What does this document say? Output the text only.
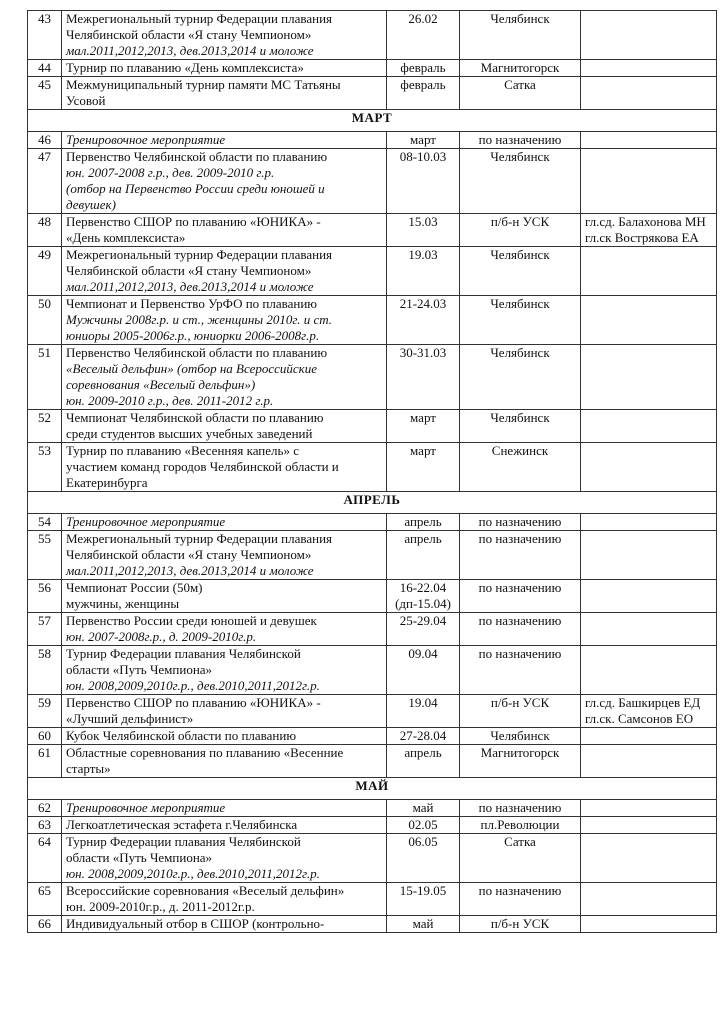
43	Межрегиональный турнир Федерации плавания
Челябинской области «Я стану Чемпионом»
мал.2011,2012,2013, дев.2013,2014 и моложе	26.02	Челябинск	
44	Турнир по плаванию «День комплексиста»	февраль	Магнитогорск	
45	Межмуниципальный турнир памяти МС Татьяны
Усовой	февраль	Сатка	
МАРТ				
46	Тренировочное мероприятие	март	по назначению	
47	Первенство Челябинской области по плаванию
юн. 2007-2008 г.р., дев. 2009-2010 г.р.
(отбор на Первенство России среди юношей и
девушек)	08-10.03	Челябинск	
48	Первенство СШОР по плаванию «ЮНИКА» -
«День комплексиста»	15.03	п/б-н УСК	гл.сд. Балахонова МН
гл.ск Вострякова ЕА

49	Межрегиональный турнир Федерации плавания
Челябинской области «Я стану Чемпионом»
мал.2011,2012,2013, дев.2013,2014 и моложе	19.03	Челябинск	
50	Чемпионат и Первенство УрФО по плаванию
Мужчины 2008г.р. и ст., женщины 2010г. и ст.
юниоры 2005-2006г.р., юниорки 2006-2008г.р.	21-24.03	Челябинск	
51	Первенство Челябинской области по плаванию
«Веселый дельфин» (отбор на Всероссийские
соревнования «Веселый дельфин»)
юн. 2009-2010 г.р., дев. 2011-2012 г.р.	30-31.03	Челябинск	
52	Чемпионат Челябинской области по плаванию
среди студентов высших учебных заведений	март	Челябинск	
53	Турнир по плаванию «Весенняя капель» с
участием команд городов Челябинской области и
Екатеринбурга	март	Снежинск	
АПРЕЛЬ				
54	Тренировочное мероприятие	апрель	по назначению	
55	Межрегиональный турнир Федерации плавания
Челябинской области «Я стану Чемпионом»
мал.2011,2012,2013, дев.2013,2014 и моложе	апрель	по назначению	
56	Чемпионат России (50м)
мужчины, женщины	16-22.04
(дп-15.04)	по назначению	
57	Первенство России среди юношей и девушек
юн. 2007-2008г.р., д. 2009-2010г.р.	25-29.04	по назначению	
58	Турнир Федерации плавания Челябинской
области «Путь Чемпиона»
юн. 2008,2009,2010г.р., дев.2010,2011,2012г.р.	09.04	по назначению	
59	Первенство СШОР по плаванию «ЮНИКА» -
«Лучший дельфинист»	19.04	п/б-н УСК	гл.сд. Башкирцев ЕД
гл.ск. Самсонов ЕО

60	Кубок Челябинской области по плаванию	27-28.04	Челябинск	
61	Областные соревнования по плаванию «Весенние
старты»	апрель	Магнитогорск	
МАЙ				
62	Тренировочное мероприятие	май	по назначению	
63	Легкоатлетическая эстафета г.Челябинска	02.05	пл.Революции	
64	Турнир Федерации плавания Челябинской
области «Путь Чемпиона»
юн. 2008,2009,2010г.р., дев.2010,2011,2012г.р.	06.05	Сатка	
65	Всероссийские соревнования «Веселый дельфин»
юн. 2009-2010г.р., д. 2011-2012г.р.	15-19.05	по назначению	
66	Индивидуальный отбор в СШОР (контрольно-	май	п/б-н УСК	
